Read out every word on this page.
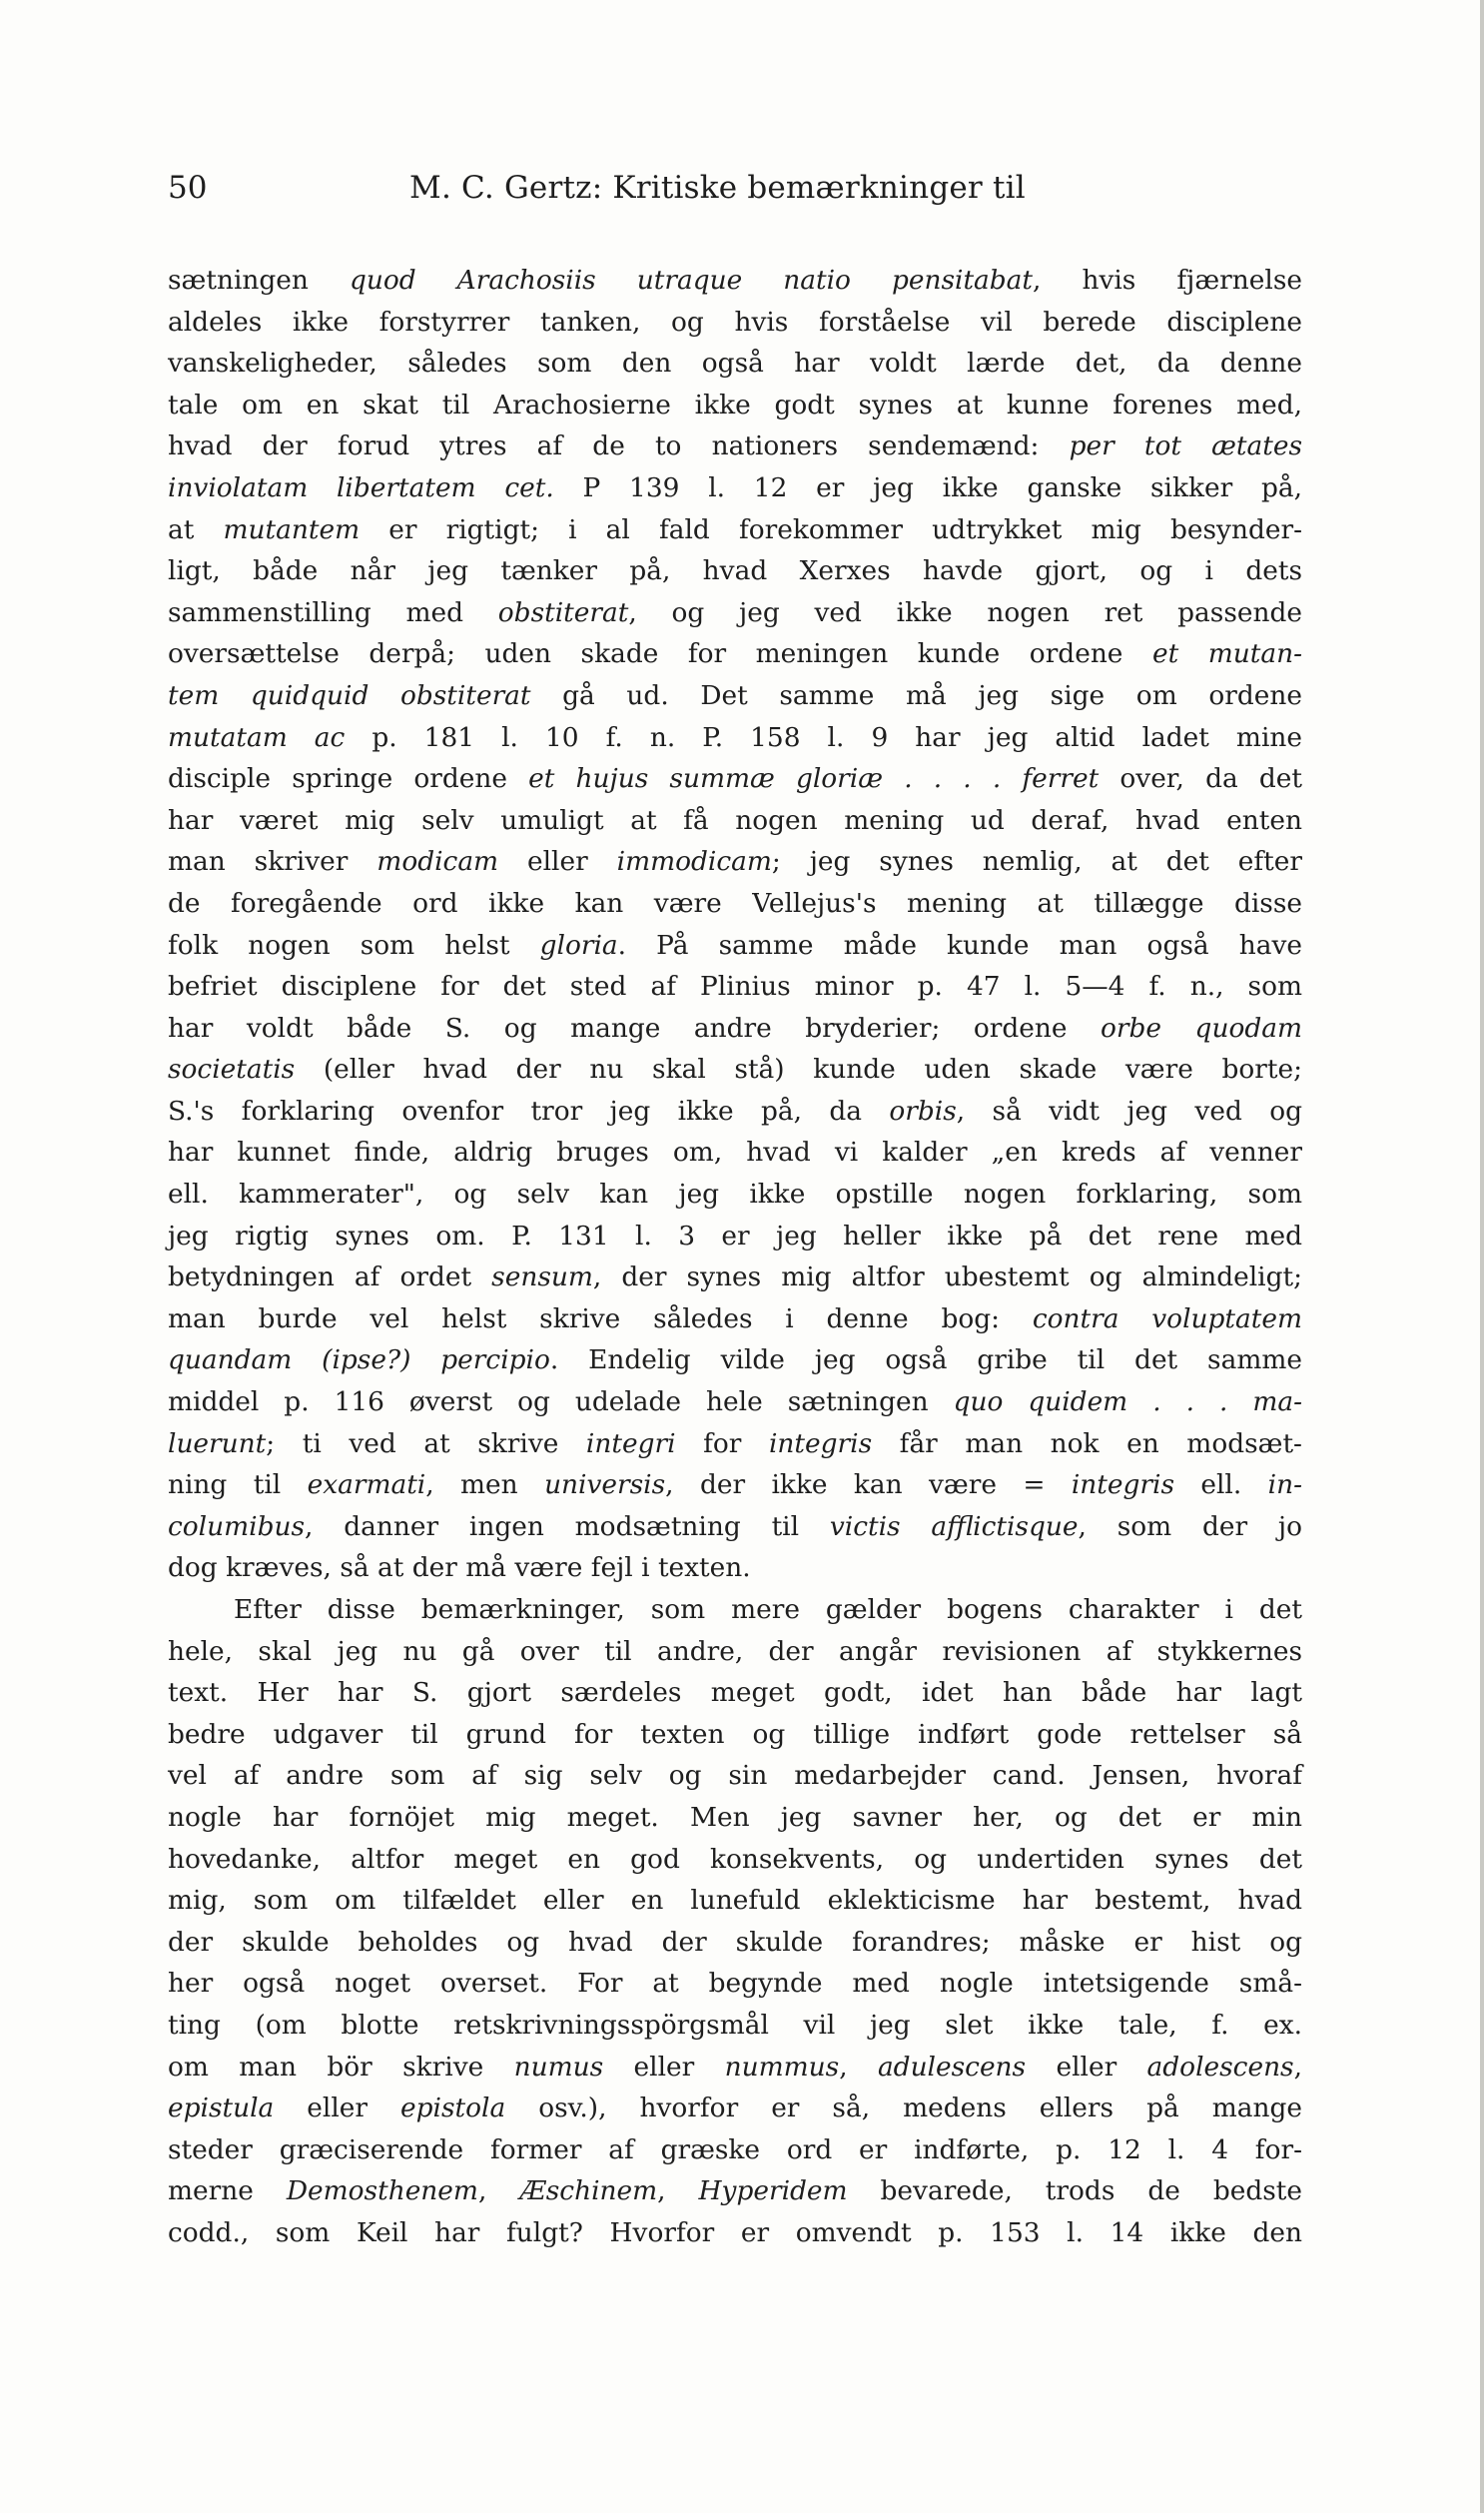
50	M. C. Gertz: Kritiske bemærkninger til
sætningen quod Arachosiis utraque natio pensitabat, hvis fjærnelse
aldeles ikke forstyrrer tanken, og hvis forståelse vil berede disciplene
vanskeligheder, således som den også har voldt lærde det, da denne
tale om en skat til Arachosierne ikke godt synes at kunne forenes med,
hvad der forud ytres af de to nationers sendemænd: per tot ætates
inviolatam libertatem cet. P 139 l. 12 er jeg ikke ganske sikker på,
at mutantem er rigtigt; i al fald forekommer udtrykket mig besynder-
ligt, både når jeg tænker på, hvad Xerxes havde gjort, og i dets
sammenstilling med obstiterat, og jeg ved ikke nogen ret passende
oversættelse derpå; uden skade for meningen kunde ordene et mutan-
tem quidquid obstiterat gå ud. Det samme må jeg sige om ordene
mutatam ac p. 181 l. 10 f. n. P. 158 l. 9 har jeg altid ladet mine
disciple springe ordene et hujus summæ gloriæ . . . . ferret over, da det
har været mig selv umuligt at få nogen mening ud deraf, hvad enten
man skriver modicam eller immodicam; jeg synes nemlig, at det efter
de foregående ord ikke kan være Vellejus's mening at tillægge disse
folk nogen som helst gloria. På samme måde kunde man også have
befriet disciplene for det sted af Plinius minor p. 47 l. 5—4 f. n., som
har voldt både S. og mange andre bryderier; ordene orbe quodam
societatis (eller hvad der nu skal stå) kunde uden skade være borte;
S.'s forklaring ovenfor tror jeg ikke på, da orbis, så vidt jeg ved og
har kunnet finde, aldrig bruges om, hvad vi kalder „en kreds af venner
ell. kammerater", og selv kan jeg ikke opstille nogen forklaring, som
jeg rigtig synes om. P. 131 l. 3 er jeg heller ikke på det rene med
betydningen af ordet sensum, der synes mig altfor ubestemt og almindeligt;
man burde vel helst skrive således i denne bog: contra voluptatem
quandam (ipse?) percipio. Endelig vilde jeg også gribe til det samme
middel p. 116 øverst og udelade hele sætningen quo quidem . . . ma-
luerunt; ti ved at skrive integri for integris får man nok en modsæt-
ning til exarmati, men universis, der ikke kan være = integris ell. in-
columibus, danner ingen modsætning til victis afflictisque, som der jo
dog kræves, så at der må være fejl i texten.
Efter disse bemærkninger, som mere gælder bogens charakter i det
hele, skal jeg nu gå over til andre, der angår revisionen af stykkernes
text. Her har S. gjort særdeles meget godt, idet han både har lagt
bedre udgaver til grund for texten og tillige indført gode rettelser så
vel af andre som af sig selv og sin medarbejder cand. Jensen, hvoraf
nogle har fornöjet mig meget. Men jeg savner her, og det er min
hovedanke, altfor meget en god konsekvents, og undertiden synes det
mig, som om tilfældet eller en lunefuld eklekticisme har bestemt, hvad
der skulde beholdes og hvad der skulde forandres; måske er hist og
her også noget overset. For at begynde med nogle intetsigende små-
ting (om blotte retskrivningsspörgsmål vil jeg slet ikke tale, f. ex.
om man bör skrive numus eller nummus, adulescens eller adolescens,
epistula eller epistola osv.), hvorfor er så, medens ellers på mange
steder græciserende former af græske ord er indførte, p. 12 l. 4 for-
merne Demosthenem, Æschinem, Hyperidem bevarede, trods de bedste
codd., som Keil har fulgt? Hvorfor er omvendt p. 153 l. 14 ikke den
